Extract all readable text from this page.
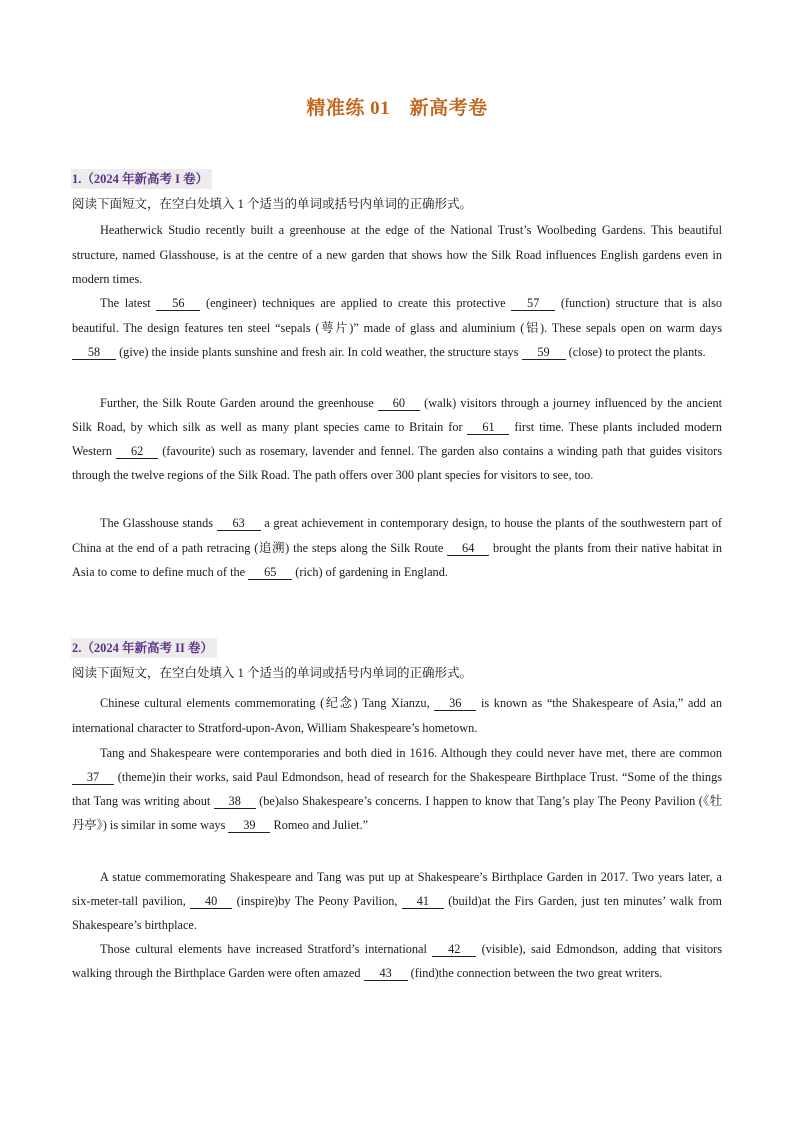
精准练 01　新高考卷
1.（2024 年新高考 I 卷）
阅读下面短文，在空白处填入 1 个适当的单词或括号内单词的正确形式。
Heatherwick Studio recently built a greenhouse at the edge of the National Trust’s Woolbeding Gardens. This beautiful structure, named Glasshouse, is at the centre of a new garden that shows how the Silk Road influences English gardens even in modern times.
The latest 56 (engineer) techniques are applied to create this protective 57 (function) structure that is also beautiful. The design features ten steel “sepals (萼片)” made of glass and aluminium (铝). These sepals open on warm days 58 (give) the inside plants sunshine and fresh air. In cold weather, the structure stays 59 (close) to protect the plants.
Further, the Silk Route Garden around the greenhouse 60 (walk) visitors through a journey influenced by the ancient Silk Road, by which silk as well as many plant species came to Britain for 61 first time. These plants included modern Western 62 (favourite) such as rosemary, lavender and fennel. The garden also contains a winding path that guides visitors through the twelve regions of the Silk Road. The path offers over 300 plant species for visitors to see, too.
The Glasshouse stands 63 a great achievement in contemporary design, to house the plants of the southwestern part of China at the end of a path retracing (追溯) the steps along the Silk Route 64 brought the plants from their native habitat in Asia to come to define much of the 65 (rich) of gardening in England.
2.（2024 年新高考 II 卷）
阅读下面短文，在空白处填入 1 个适当的单词或括号内单词的正确形式。
Chinese cultural elements commemorating (纪念) Tang Xianzu, 36 is known as “the Shakespeare of Asia,” add an international character to Stratford-upon-Avon, William Shakespeare’s hometown.
Tang and Shakespeare were contemporaries and both died in 1616. Although they could never have met, there are common 37 (theme)in their works, said Paul Edmondson, head of research for the Shakespeare Birthplace Trust. “Some of the things that Tang was writing about 38 (be)also Shakespeare’s concerns. I happen to know that Tang’s play The Peony Pavilion (《牡丹亭》) is similar in some ways 39 Romeo and Juliet.”
A statue commemorating Shakespeare and Tang was put up at Shakespeare’s Birthplace Garden in 2017. Two years later, a six-meter-tall pavilion, 40 (inspire)by The Peony Pavilion, 41 (build)at the Firs Garden, just ten minutes’ walk from Shakespeare’s birthplace.
Those cultural elements have increased Stratford’s international 42 (visible), said Edmondson, adding that visitors walking through the Birthplace Garden were often amazed 43 (find)the connection between the two great writers.
